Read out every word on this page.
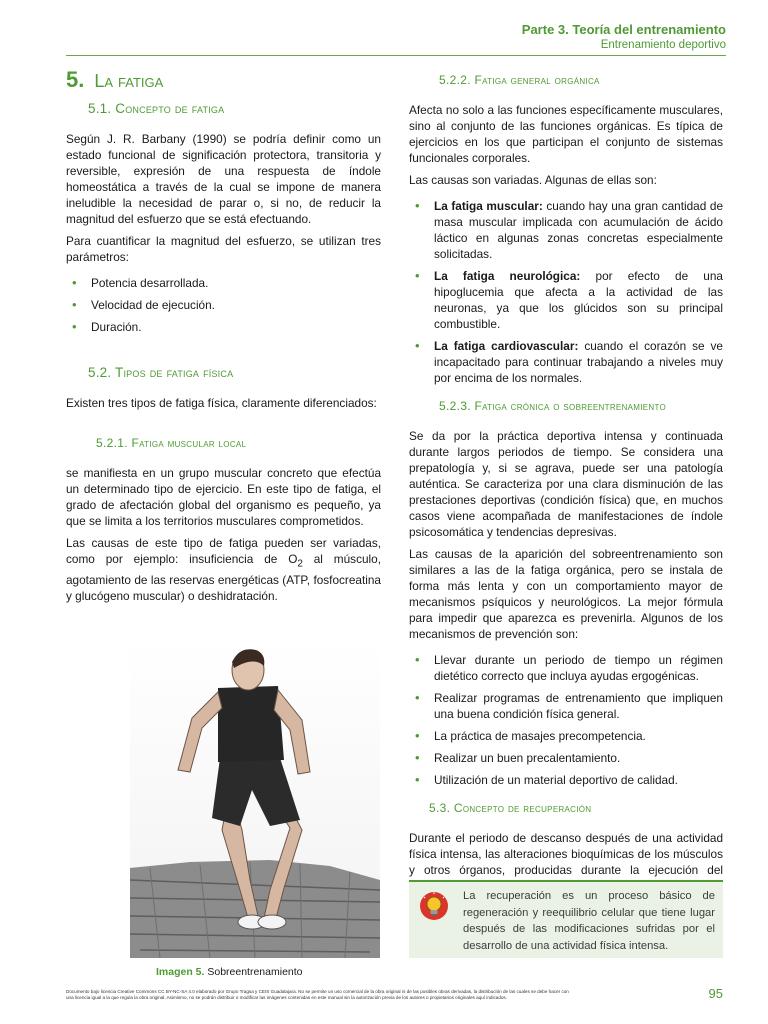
Parte 3. Teoría del entrenamiento
Entrenamiento deportivo
5. La fatiga
5.1. Concepto de fatiga

Según J. R. Barbany (1990) se podría definir como un estado funcional de significación protectora, transitoria y reversible, expresión de una respuesta de índole homeostática a través de la cual se impone de manera ineludible la necesidad de parar o, si no, de reducir la magnitud del esfuerzo que se está efectuando.

Para cuantificar la magnitud del esfuerzo, se utilizan tres parámetros:

• Potencia desarrollada.
• Velocidad de ejecución.
• Duración.
5.2. Tipos de fatiga física

Existen tres tipos de fatiga física, claramente diferenciados:

5.2.1. Fatiga muscular local

se manifiesta en un grupo muscular concreto que efectúa un determinado tipo de ejercicio. En este tipo de fatiga, el grado de afectación global del organismo es pequeño, ya que se limita a los territorios musculares comprometidos.

Las causas de este tipo de fatiga pueden ser variadas, como por ejemplo: insuficiencia de $O_2$ al músculo, agotamiento de las reservas energéticas (ATP, fosfocreatina y glucógeno muscular) o deshidratación.

Imagen 5. Sobreentrenamiento
5.2.2. Fatiga general orgánica

Afecta no solo a las funciones específicamente musculares, sino al conjunto de las funciones orgánicas. Es típica de ejercicios en los que participan el conjunto de sistemas funcionales corporales.

Las causas son variadas. Algunas de ellas son:

• La fatiga muscular: cuando hay una gran cantidad de masa muscular implicada con acumulación de ácido láctico en algunas zonas concretas especialmente solicitadas.
• La fatiga neurológica: por efecto de una hipoglucemia que afecta a la actividad de las neuronas, ya que los glúcidos son su principal combustible.
• La fatiga cardiovascular: cuando el corazón se ve incapacitado para continuar trabajando a niveles muy por encima de los normales.
5.2.3. Fatiga crónica o sobreentrenamiento

Se da por la práctica deportiva intensa y continuada durante largos periodos de tiempo. Se considera una prepatología y, si se agrava, puede ser una patología auténtica. Se caracteriza por una clara disminución de las prestaciones deportivas (condición física) que, en muchos casos viene acompañada de manifestaciones de índole psicosomática y tendencias depresivas.

Las causas de la aparición del sobreentrenamiento son similares a las de la fatiga orgánica, pero se instala de forma más lenta y con un comportamiento mayor de mecanismos psíquicos y neurológicos. La mejor fórmula para impedir que aparezca es prevenirla. Algunos de los mecanismos de prevención son:

• Llevar durante un periodo de tiempo un régimen dietético correcto que incluya ayudas ergogénicas.
• Realizar programas de entrenamiento que impliquen una buena condición física general.
• La práctica de masajes precompetencia.
• Realizar un buen precalentamiento.
• Utilización de un material deportivo de calidad.
5.3. Concepto de recuperación

Durante el periodo de descanso después de una actividad física intensa, las alteraciones bioquímicas de los músculos y otros órganos, producidas durante la ejecución del

La recuperación es un proceso básico de regeneración y reequilibrio celular que tiene lugar después de las modificaciones sufridas por el desarrollo de una actividad física intensa.
Documento bajo licencia Creative Commons CC BY-NC-SA 4.0 elaborado por Grupo Tragsa y CEIS Guadalajara. No se permite un uso comercial de la obra original ni de las posibles obras derivadas, la distribución de las cuales se debe hacer con una licencia igual a la que regula la obra original. Asimismo, no se podrán distribuir o modificar las imágenes contenidas en este manual sin la autorización previa de los autores o propietarios originales aquí indicados.	95
